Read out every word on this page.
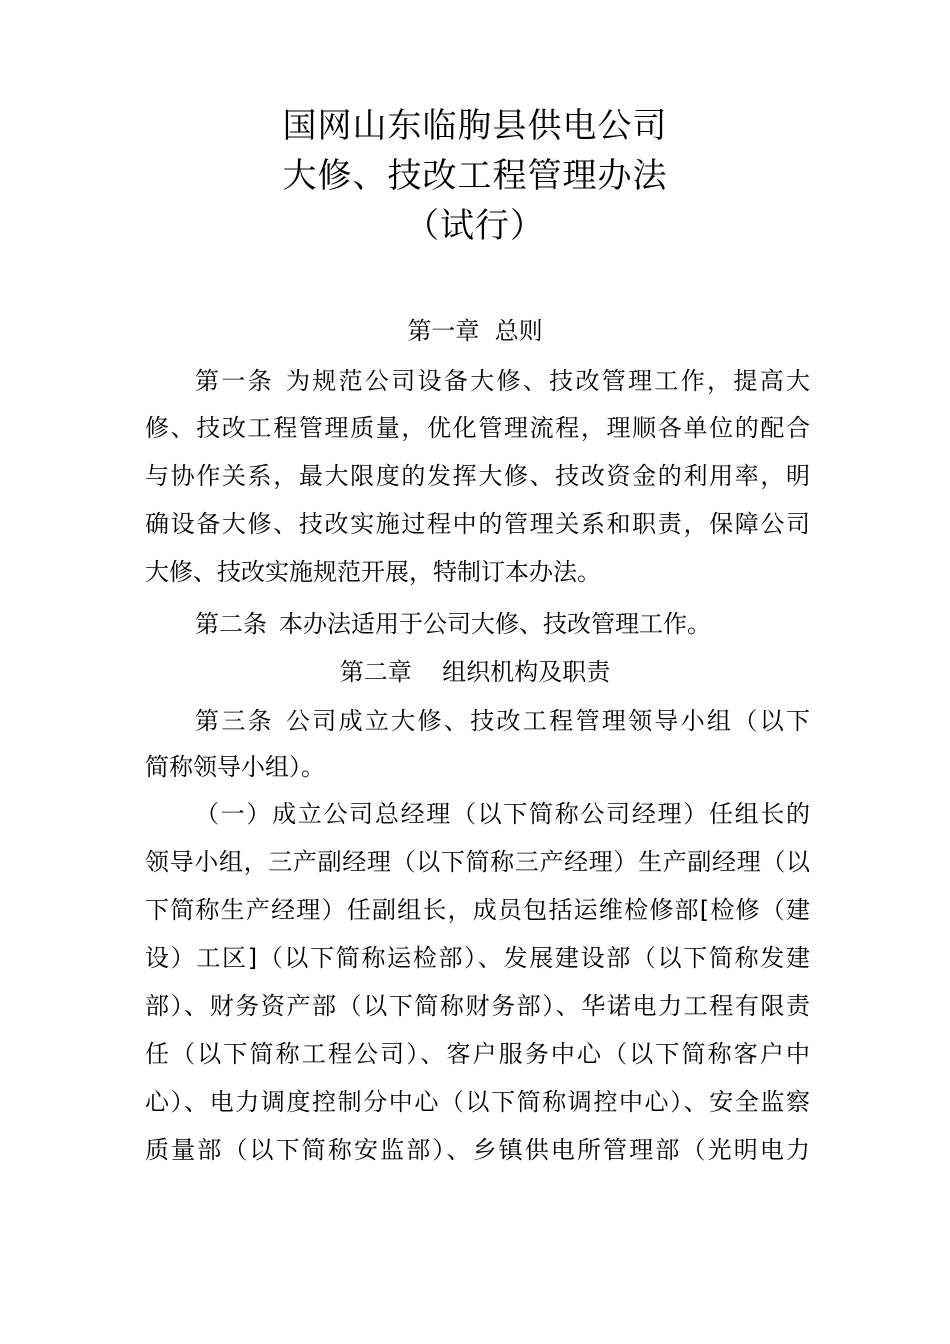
国网山东临朐县供电公司
大修、技改工程管理办法
（试行）
第一章  总则
第一条 为规范公司设备大修、技改管理工作，提高大
修、技改工程管理质量，优化管理流程，理顺各单位的配合
与协作关系，最大限度的发挥大修、技改资金的利用率，明
确设备大修、技改实施过程中的管理关系和职责，保障公司
大修、技改实施规范开展，特制订本办法。
第二条 本办法适用于公司大修、技改管理工作。
第二章    组织机构及职责
第三条 公司成立大修、技改工程管理领导小组（以下
简称领导小组）。
（一）成立公司总经理（以下简称公司经理）任组长的
领导小组，三产副经理（以下简称三产经理）生产副经理（以
下简称生产经理）任副组长，成员包括运维检修部[检修（建
设）工区]（以下简称运检部）、发展建设部（以下简称发建
部）、财务资产部（以下简称财务部）、华诺电力工程有限责
任（以下简称工程公司）、客户服务中心（以下简称客户中
心）、电力调度控制分中心（以下简称调控中心）、安全监察
质量部（以下简称安监部）、乡镇供电所管理部（光明电力
